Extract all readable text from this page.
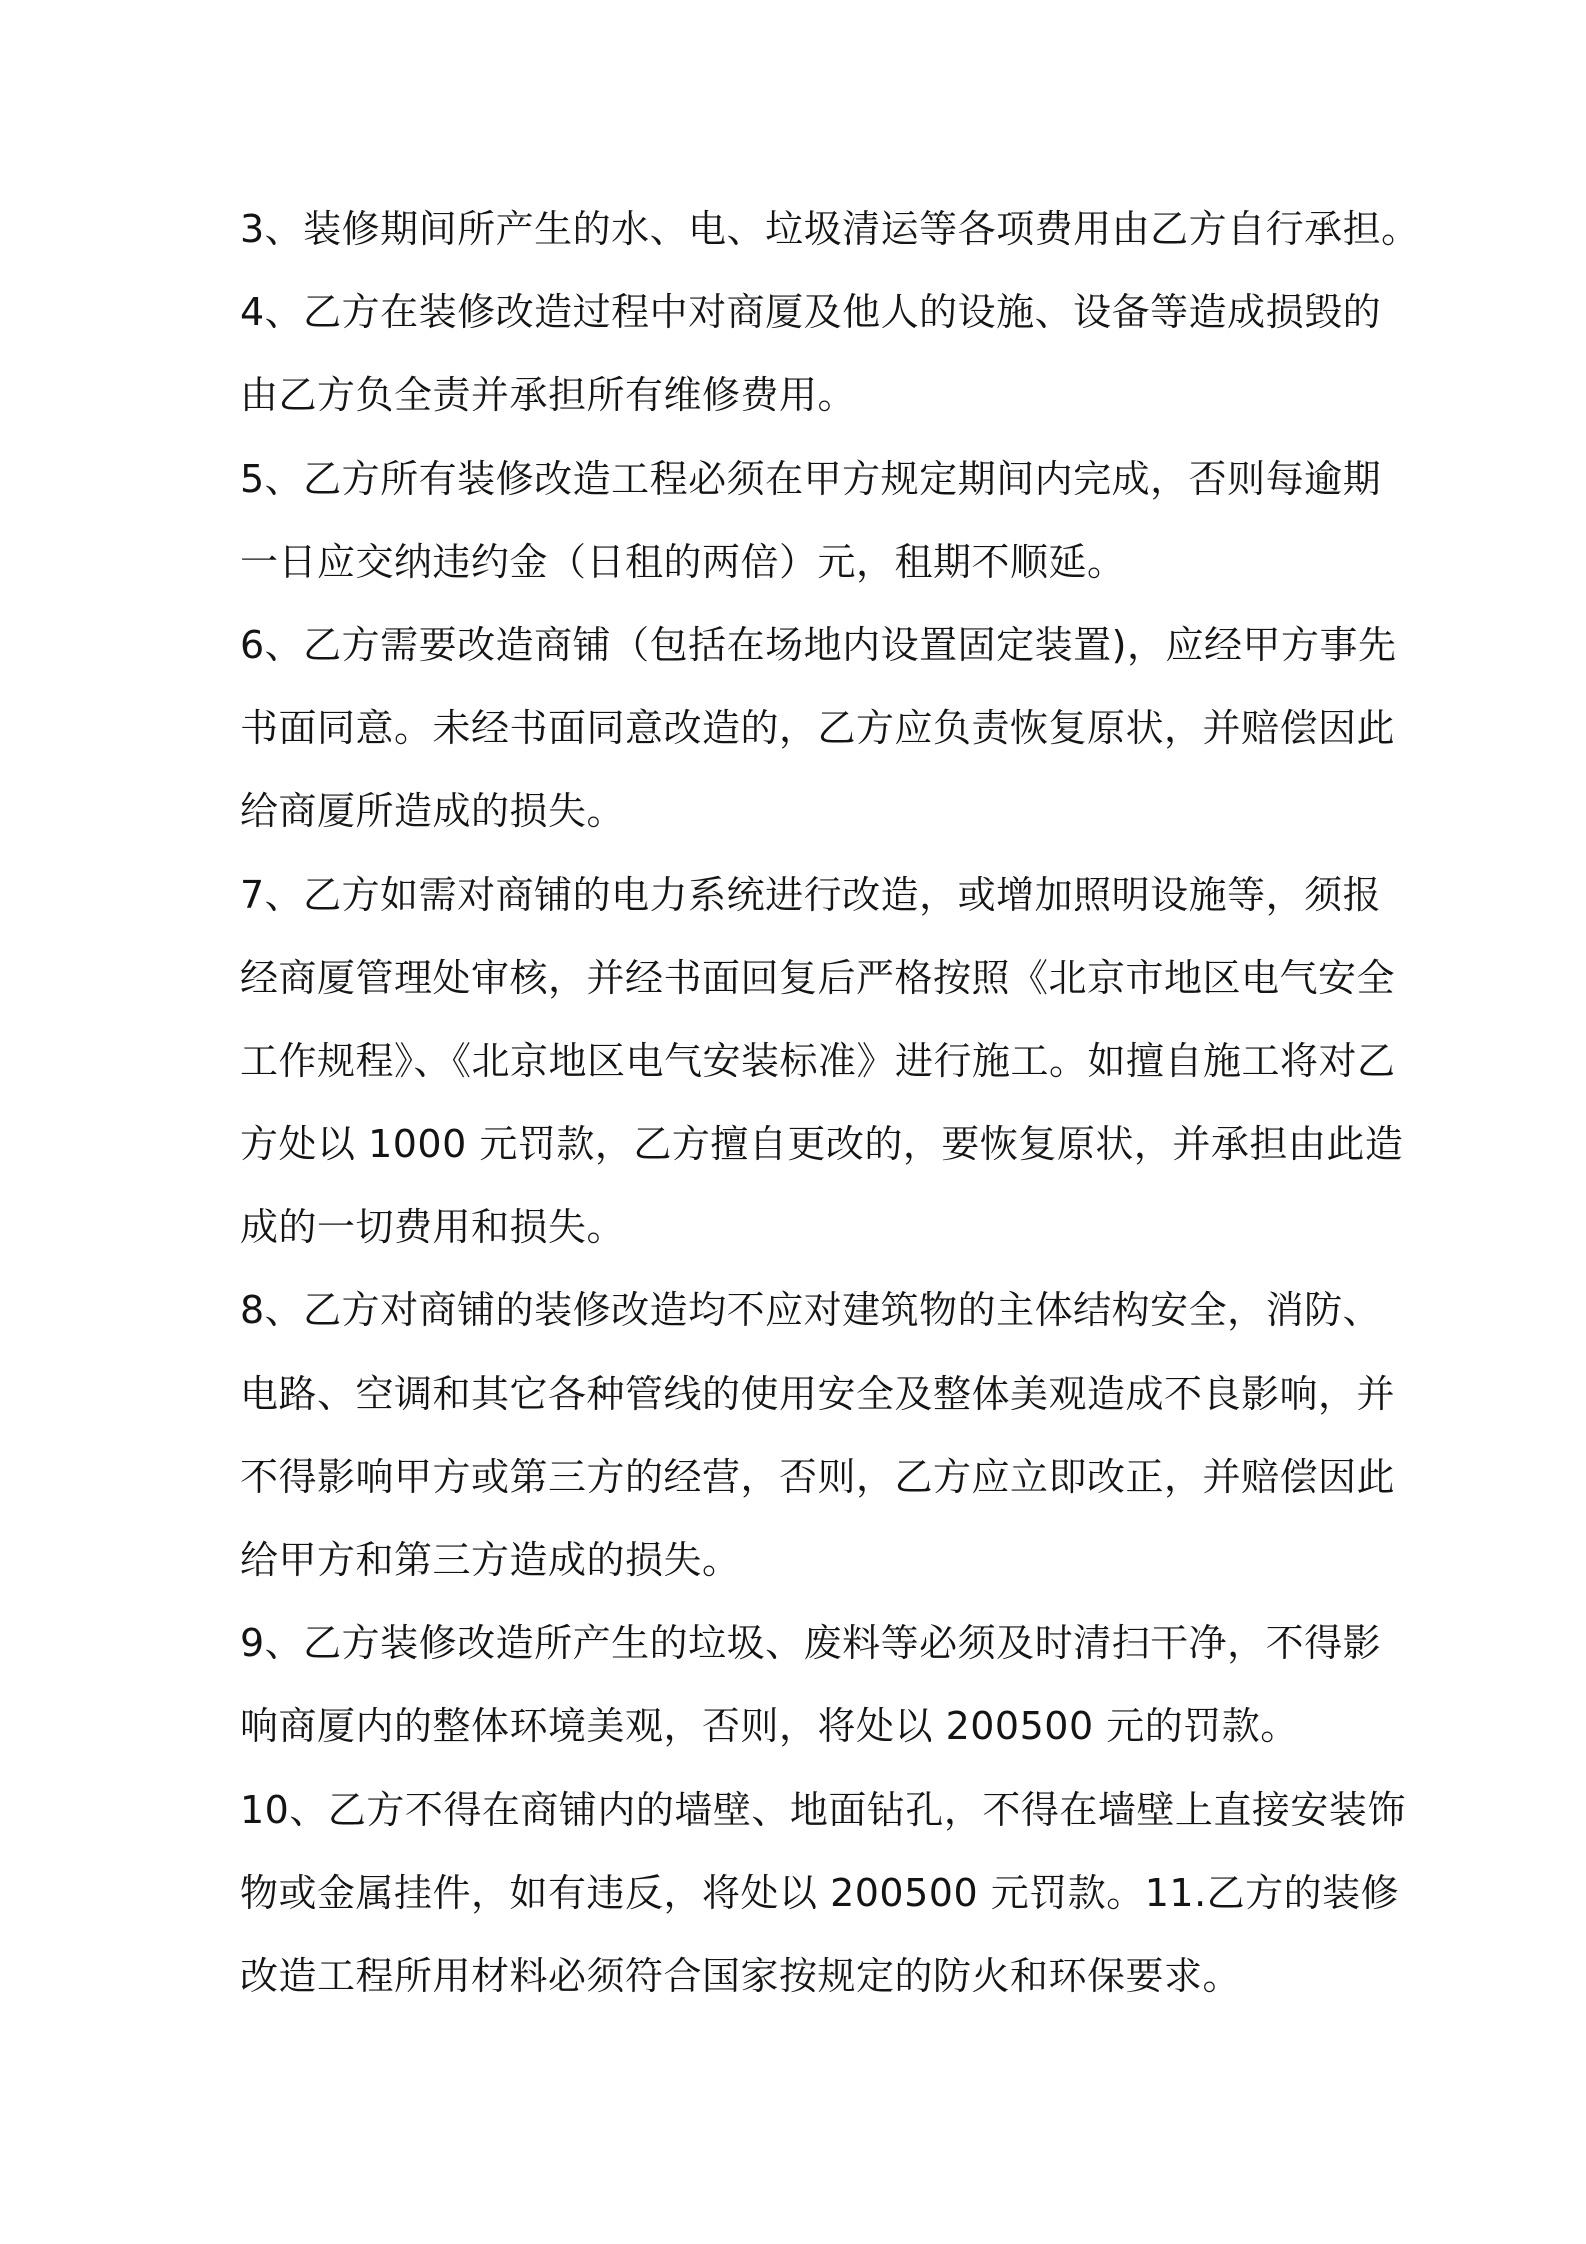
3、装修期间所产生的水、电、垃圾清运等各项费用由乙方自行承担。
4、乙方在装修改造过程中对商厦及他人的设施、设备等造成损毁的
由乙方负全责并承担所有维修费用。
5、乙方所有装修改造工程必须在甲方规定期间内完成，否则每逾期
一日应交纳违约金（日租的两倍）元，租期不顺延。
6、乙方需要改造商铺（包括在场地内设置固定装置)，应经甲方事先
书面同意。未经书面同意改造的，乙方应负责恢复原状，并赔偿因此
给商厦所造成的损失。
7、乙方如需对商铺的电力系统进行改造，或增加照明设施等，须报
经商厦管理处审核，并经书面回复后严格按照《北京市地区电气安全
工作规程》、《北京地区电气安装标准》进行施工。如擅自施工将对乙
方处以 1000 元罚款，乙方擅自更改的，要恢复原状，并承担由此造
成的一切费用和损失。
8、乙方对商铺的装修改造均不应对建筑物的主体结构安全，消防、
电路、空调和其它各种管线的使用安全及整体美观造成不良影响，并
不得影响甲方或第三方的经营，否则，乙方应立即改正，并赔偿因此
给甲方和第三方造成的损失。
9、乙方装修改造所产生的垃圾、废料等必须及时清扫干净，不得影
响商厦内的整体环境美观，否则，将处以 200500 元的罚款。
10、乙方不得在商铺内的墙壁、地面钻孔，不得在墙壁上直接安装饰
物或金属挂件，如有违反，将处以 200500 元罚款。11.乙方的装修
改造工程所用材料必须符合国家按规定的防火和环保要求。
